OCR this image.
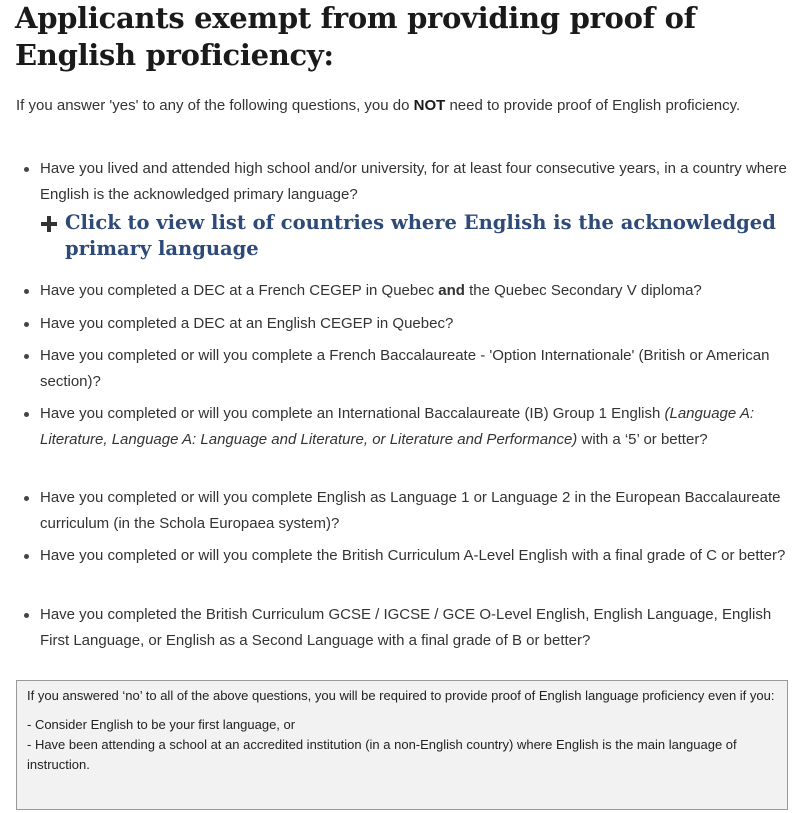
Applicants exempt from providing proof of English proficiency:

If you answer 'yes' to any of the following questions, you do NOT need to provide proof of English proficiency.

Have you lived and attended high school and/or university, for at least four consecutive years, in a country where English is the acknowledged primary language?
Have you completed a DEC at a French CEGEP in Quebec and the Quebec Secondary V diploma?
Have you completed a DEC at an English CEGEP in Quebec?
Have you completed or will you complete a French Baccalaureate - 'Option Internationale' (British or American section)?
Have you completed or will you complete an International Baccalaureate (IB) Group 1 English (Language A: Literature, Language A: Language and Literature, or Literature and Performance) with a ‘5’ or better?
Have you completed or will you complete English as Language 1 or Language 2 in the European Baccalaureate curriculum (in the Schola Europaea system)?
Have you completed or will you complete the British Curriculum A-Level English with a final grade of C or better?
Have you completed the British Curriculum GCSE / IGCSE / GCE O-Level English, English Language, English First Language, or English as a Second Language with a final grade of B or better?
Click to view list of countries where English is the acknowledged primary language

If you answered ‘no’ to all of the above questions, you will be required to provide proof of English language proficiency even if you:

- Consider English to be your first language, or

- Have been attending a school at an accredited institution (in a non-English country) where English is the main language of instruction.
